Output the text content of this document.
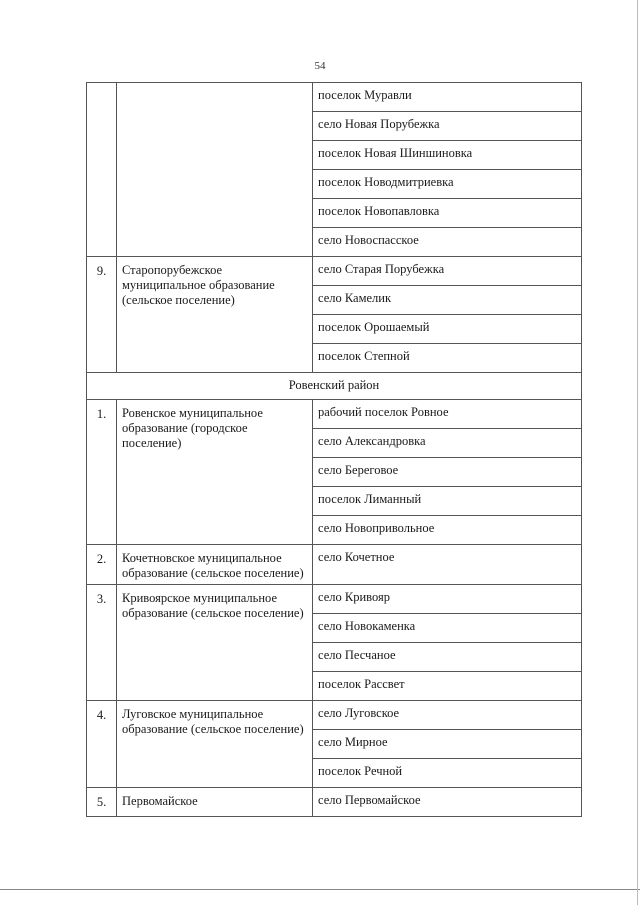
54
		поселок Муравли
		село Новая Порубежка
		поселок Новая Шиншиновка
		поселок Новодмитриевка
		поселок Новопавловка
		село Новоспасское
9.	Старопорубежское муниципальное образование (сельское поселение)	село Старая Порубежка
		село Камелик
		поселок Орошаемый
		поселок Степной
Ровенский район		
1.	Ровенское муниципальное образование (городское поселение)	рабочий поселок Ровное
		село Александровка
		село Береговое
		поселок Лиманный
		село Новопривольное
2.	Кочетновское муниципальное образование (сельское поселение)	село Кочетное
3.	Кривоярское муниципальное образование (сельское поселение)	село Кривояр
		село Новокаменка
		село Песчаное
		поселок Рассвет
4.	Луговское муниципальное образование (сельское поселение)	село Луговское
		село Мирное
		поселок Речной
5.	Первомайское	село Первомайское
